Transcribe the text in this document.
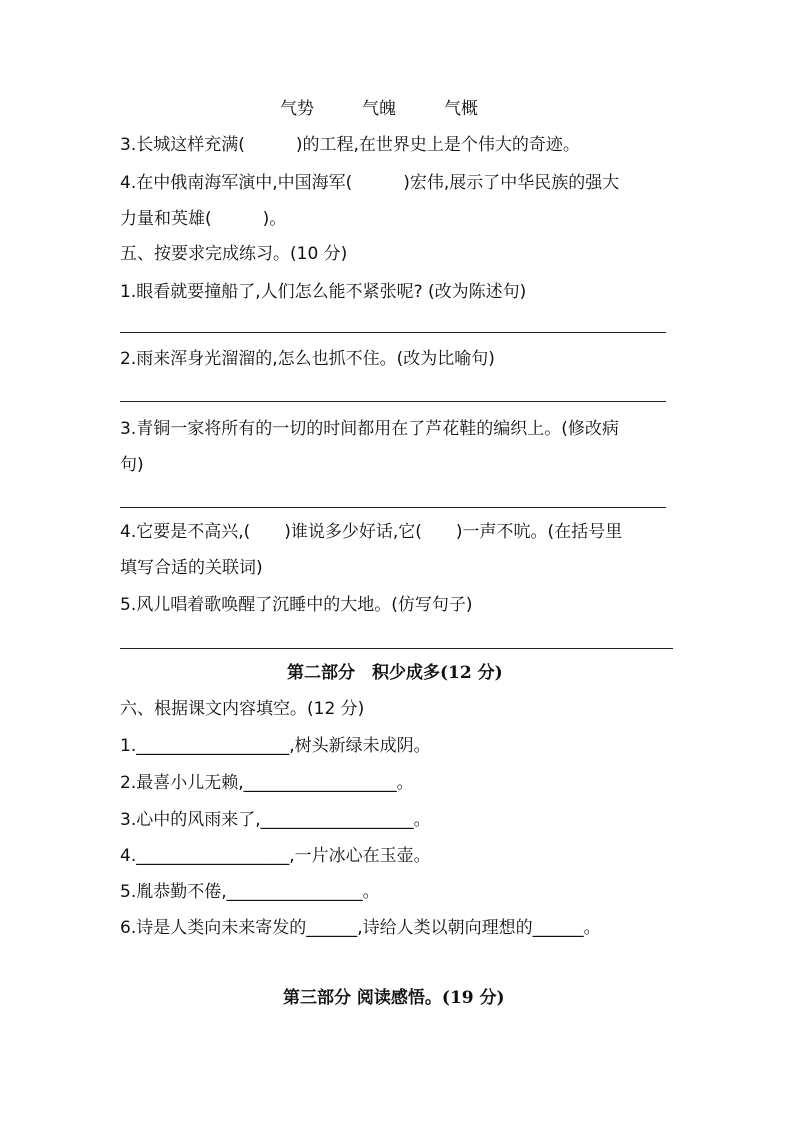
气势	气魄	气概
3.长城这样充满(　　　)的工程,在世界史上是个伟大的奇迹。
4.在中俄南海军演中,中国海军(　　　)宏伟,展示了中华民族的强大
力量和英雄(　　　)。
五、按要求完成练习。(10 分)
1.眼看就要撞船了,人们怎么能不紧张呢? (改为陈述句)
2.雨来浑身光溜溜的,怎么也抓不住。(改为比喻句)
3.青铜一家将所有的一切的时间都用在了芦花鞋的编织上。(修改病
句)
4.它要是不高兴,(　　)谁说多少好话,它(　　)一声不吭。(在括号里
填写合适的关联词)
5.风儿唱着歌唤醒了沉睡中的大地。(仿写句子)
第二部分　积少成多(12 分)
六、根据课文内容填空。(12 分)
1.__________________,树头新绿未成阴。
2.最喜小儿无赖,__________________。
3.心中的风雨来了,__________________。
4.__________________,一片冰心在玉壶。
5.胤恭勤不倦,________________。
6.诗是人类向未来寄发的______,诗给人类以朝向理想的______。
第三部分 阅读感悟。(19 分)
